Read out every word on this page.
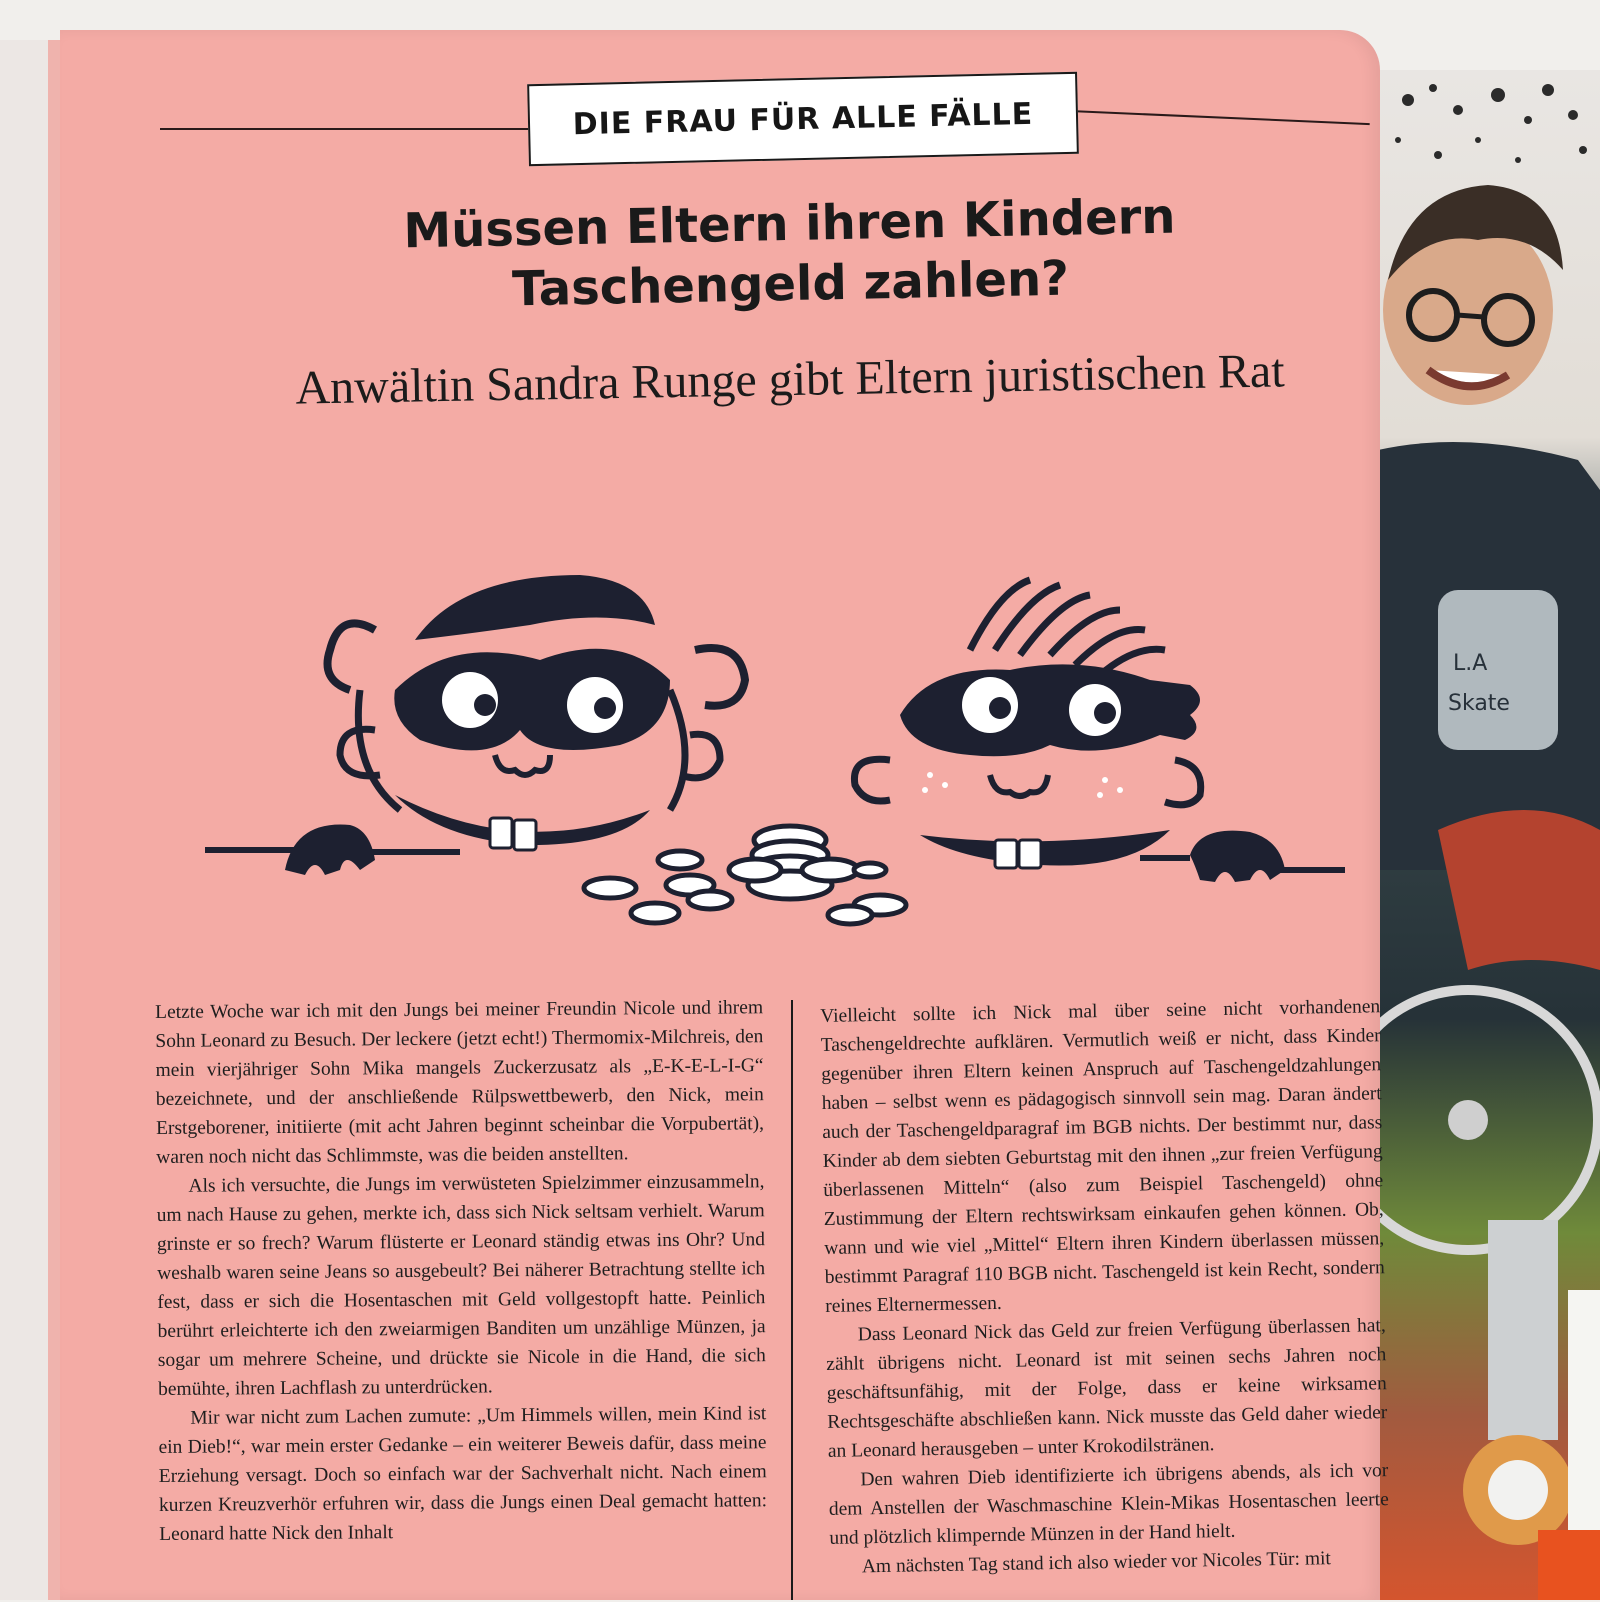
L.A
Skate
DIE FRAU FÜR ALLE FÄLLE
Müssen Eltern ihren Kindern
Taschengeld zahlen?
Anwältin Sandra Runge gibt Eltern juristischen Rat

Letzte Woche war ich mit den Jungs bei meiner Freundin Nicole und ihrem Sohn Leonard zu Besuch. Der leckere (jetzt echt!) Thermomix-Milchreis, den mein vierjähriger Sohn Mika mangels Zuckerzusatz als „E-K-E-L-I-G“ bezeichnete, und der anschließende Rülpswettbewerb, den Nick, mein Erstgeborener, initiierte (mit acht Jahren beginnt scheinbar die Vorpubertät), waren noch nicht das Schlimmste, was die beiden anstellten.

Als ich versuchte, die Jungs im verwüsteten Spielzimmer einzusammeln, um nach Hause zu gehen, merkte ich, dass sich Nick seltsam verhielt. Warum grinste er so frech? Warum flüsterte er Leonard ständig etwas ins Ohr? Und weshalb waren seine Jeans so ausgebeult? Bei näherer Betrachtung stellte ich fest, dass er sich die Hosentaschen mit Geld vollgestopft hatte. Peinlich berührt erleichterte ich den zweiarmigen Banditen um unzählige Münzen, ja sogar um mehrere Scheine, und drückte sie Nicole in die Hand, die sich bemühte, ihren Lachflash zu unterdrücken.

Mir war nicht zum Lachen zumute: „Um Himmels willen, mein Kind ist ein Dieb!“, war mein erster Gedanke – ein weiterer Beweis dafür, dass meine Erziehung versagt. Doch so einfach war der Sachverhalt nicht. Nach einem kurzen Kreuzverhör erfuhren wir, dass die Jungs einen Deal gemacht hatten: Leonard hatte Nick den Inhalt

Vielleicht sollte ich Nick mal über seine nicht vorhandenen Taschengeldrechte aufklären. Vermutlich weiß er nicht, dass Kinder gegenüber ihren Eltern keinen Anspruch auf Taschengeldzahlungen haben – selbst wenn es pädagogisch sinnvoll sein mag. Daran ändert auch der Taschengeldparagraf im BGB nichts. Der bestimmt nur, dass Kinder ab dem siebten Geburtstag mit den ihnen „zur freien Verfügung überlassenen Mitteln“ (also zum Beispiel Taschengeld) ohne Zustimmung der Eltern rechtswirksam einkaufen gehen können. Ob, wann und wie viel „Mittel“ Eltern ihren Kindern überlassen müssen, bestimmt Paragraf 110 BGB nicht. Taschengeld ist kein Recht, sondern reines Elternermessen.

Dass Leonard Nick das Geld zur freien Verfügung überlassen hat, zählt übrigens nicht. Leonard ist mit seinen sechs Jahren noch geschäftsunfähig, mit der Folge, dass er keine wirksamen Rechtsgeschäfte abschließen kann. Nick musste das Geld daher wieder an Leonard herausgeben – unter Krokodilstränen.

Den wahren Dieb identifizierte ich übrigens abends, als ich vor dem Anstellen der Waschmaschine Klein-Mikas Hosentaschen leerte und plötzlich klimpernde Münzen in der Hand hielt.

Am nächsten Tag stand ich also wieder vor Nicoles Tür: mit
